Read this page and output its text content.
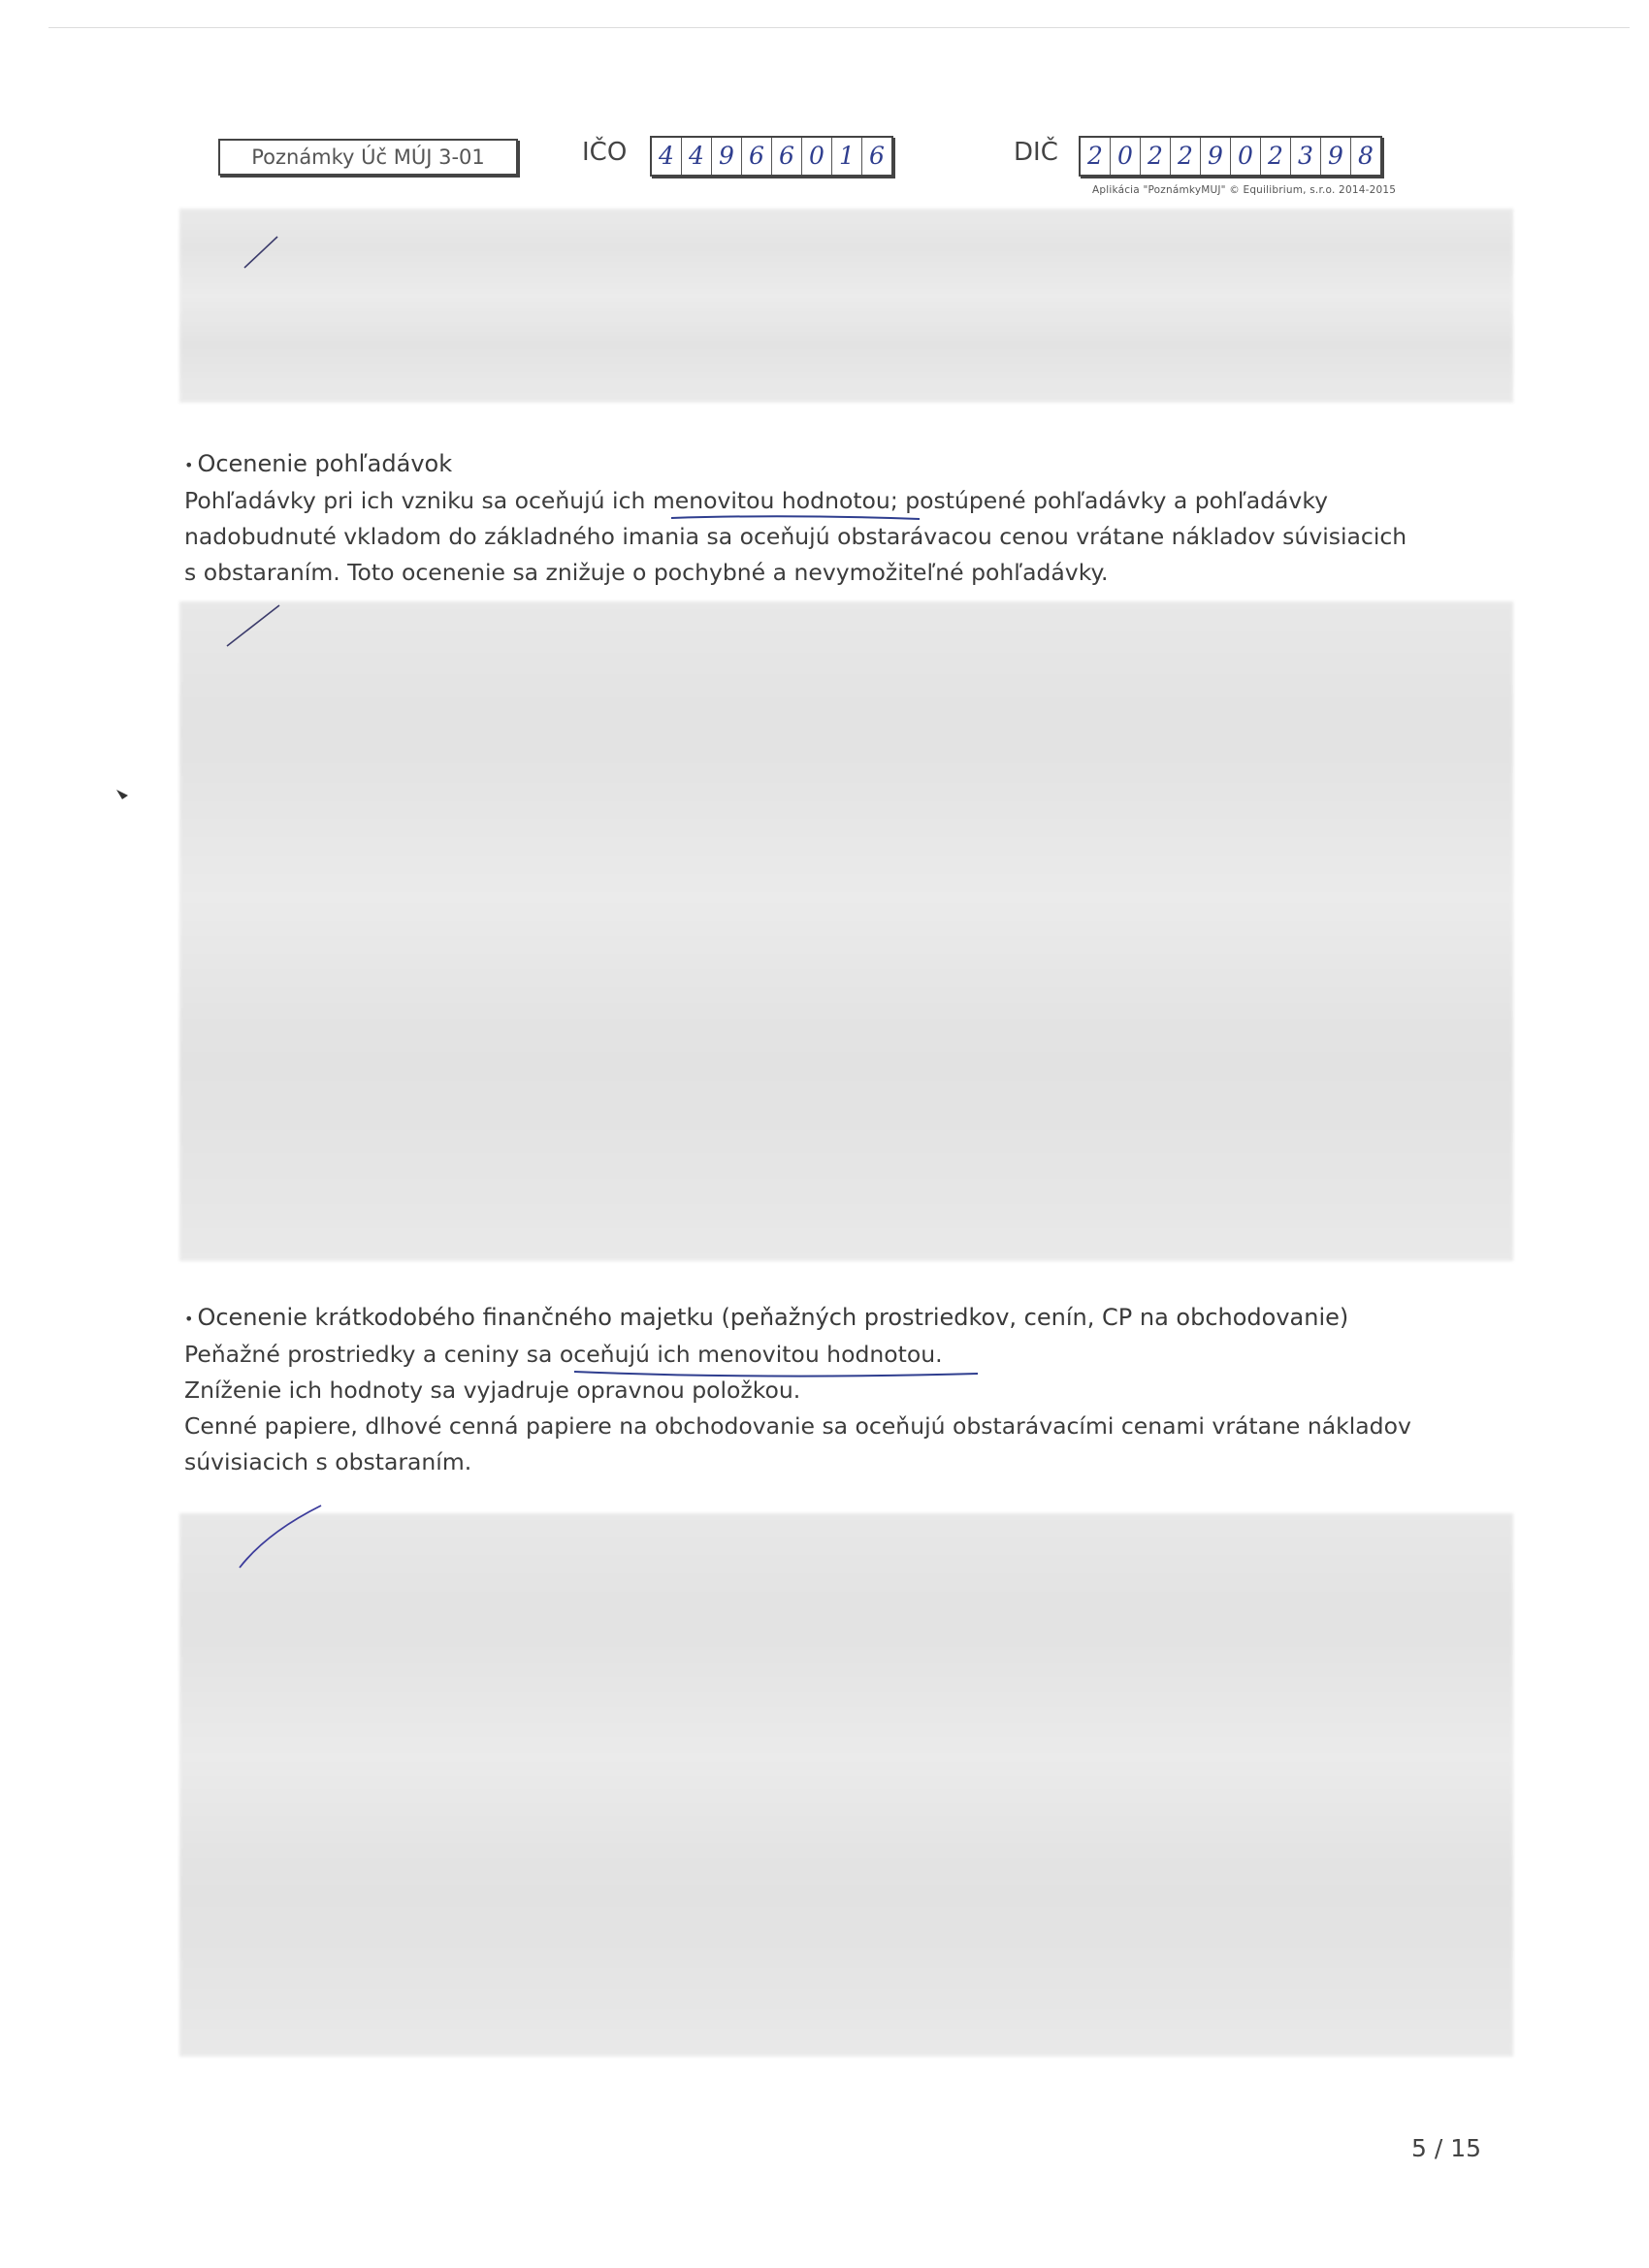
Poznámky Úč MÚJ 3-01	IČO 4 4 9 6 6 0 1 6	DIČ 2 0 2 2 9 0 2 3 9 8
Aplikácia "PoznámkyMUJ" © Equilibrium, s.r.o. 2014-2015

• Ocenenie pohľadávok

Pohľadávky pri ich vzniku sa oceňujú ich menovitou hodnotou; postúpené pohľadávky a pohľadávky
nadobudnuté vkladom do základného imania sa oceňujú obstarávacou cenou vrátane nákladov súvisiacich
s obstaraním. Toto ocenenie sa znižuje o pochybné a nevymožiteľné pohľadávky.

• Ocenenie krátkodobého finančného majetku (peňažných prostriedkov, cenín, CP na obchodovanie)

Peňažné prostriedky a ceniny sa oceňujú ich menovitou hodnotou.
Zníženie ich hodnoty sa vyjadruje opravnou položkou.
Cenné papiere, dlhové cenná papiere na obchodovanie sa oceňujú obstarávacími cenami vrátane nákladov
súvisiacich s obstaraním.

5 / 15
